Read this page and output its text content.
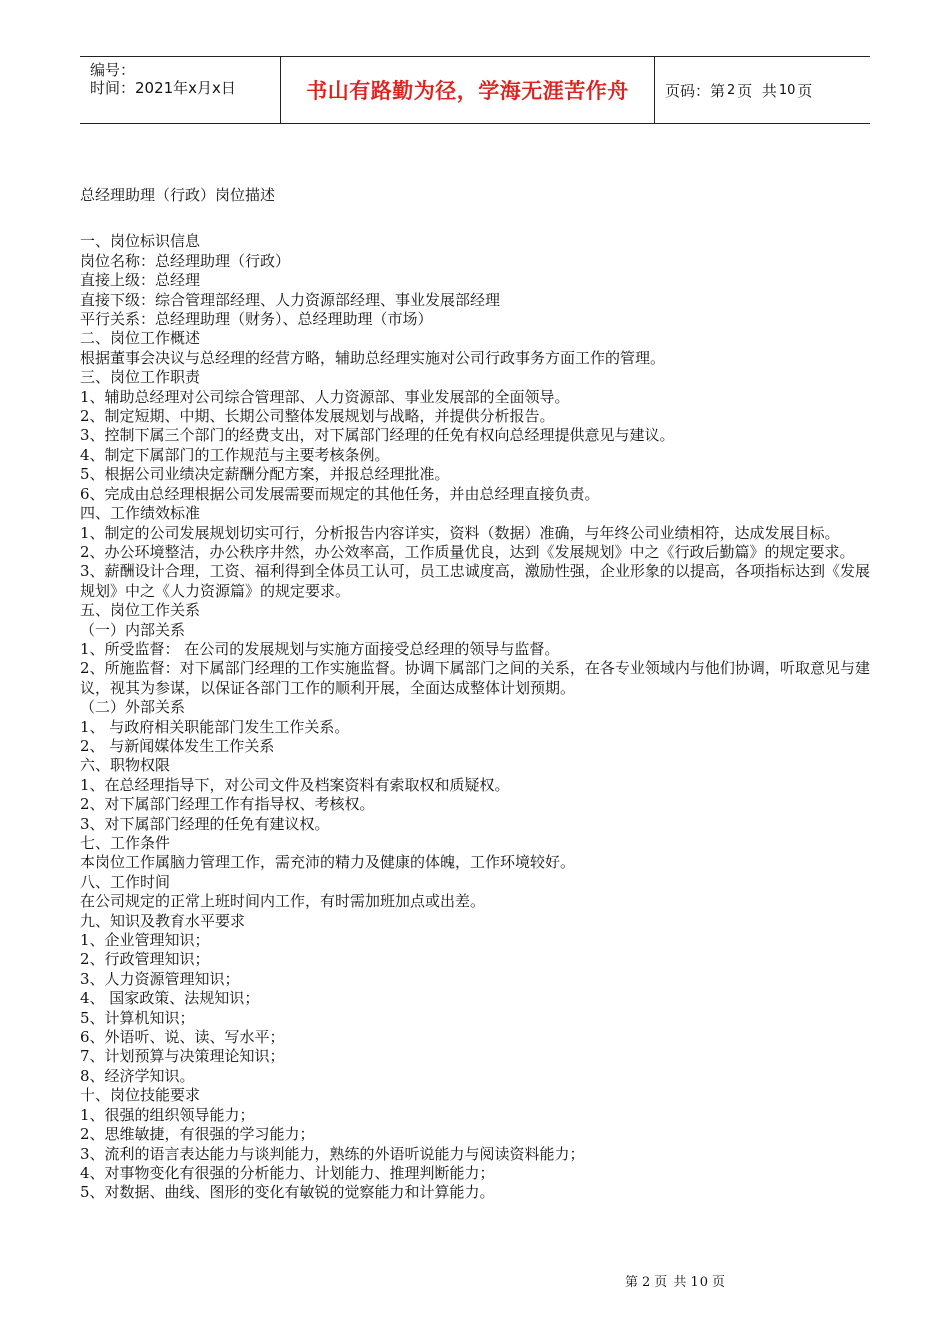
编号：
时间：2021年x月x日	书山有路勤为径，学海无涯苦作舟	页码：第 2 页  共 10 页
总经理助理（行政）岗位描述

一、岗位标识信息

岗位名称：总经理助理（行政）

直接上级：总经理

直接下级：综合管理部经理、人力资源部经理、事业发展部经理

平行关系：总经理助理（财务）、总经理助理（市场）

二、岗位工作概述

根据董事会决议与总经理的经营方略，辅助总经理实施对公司行政事务方面工作的管理。

三、岗位工作职责

1、辅助总经理对公司综合管理部、人力资源部、事业发展部的全面领导。

2、制定短期、中期、长期公司整体发展规划与战略，并提供分析报告。

3、控制下属三个部门的经费支出，对下属部门经理的任免有权向总经理提供意见与建议。

4、制定下属部门的工作规范与主要考核条例。

5、根据公司业绩决定薪酬分配方案，并报总经理批准。

6、完成由总经理根据公司发展需要而规定的其他任务，并由总经理直接负责。

四、工作绩效标准

1、制定的公司发展规划切实可行，分析报告内容详实，资料（数据）准确，与年终公司业绩相符，达成发展目标。

2、办公环境整洁，办公秩序井然，办公效率高，工作质量优良，达到《发展规划》中之《行政后勤篇》的规定要求。

3、薪酬设计合理，工资、福利得到全体员工认可，员工忠诚度高，激励性强，企业形象的以提高，各项指标达到《发展规划》中之《人力资源篇》的规定要求。

五、岗位工作关系

（一）内部关系

1、所受监督： 在公司的发展规划与实施方面接受总经理的领导与监督。

2、所施监督：对下属部门经理的工作实施监督。协调下属部门之间的关系，在各专业领域内与他们协调，听取意见与建议，视其为参谋，以保证各部门工作的顺利开展，全面达成整体计划预期。

（二）外部关系

1、 与政府相关职能部门发生工作关系。

2、 与新闻媒体发生工作关系

六、职物权限

1、在总经理指导下，对公司文件及档案资料有索取权和质疑权。

2、对下属部门经理工作有指导权、考核权。

3、对下属部门经理的任免有建议权。

七、工作条件

本岗位工作属脑力管理工作，需充沛的精力及健康的体魄，工作环境较好。

八、工作时间

在公司规定的正常上班时间内工作，有时需加班加点或出差。

九、知识及教育水平要求

1、企业管理知识；

2、行政管理知识；

3、人力资源管理知识；

4、 国家政策、法规知识；

5、计算机知识；

6、外语听、说、读、写水平；

7、计划预算与决策理论知识；

8、经济学知识。

十、岗位技能要求

1、很强的组织领导能力；

2、思维敏捷，有很强的学习能力；

3、流利的语言表达能力与谈判能力，熟练的外语听说能力与阅读资料能力；

4、对事物变化有很强的分析能力、计划能力、推理判断能力；

5、对数据、曲线、图形的变化有敏锐的觉察能力和计算能力。

第 2 页 共 10 页
